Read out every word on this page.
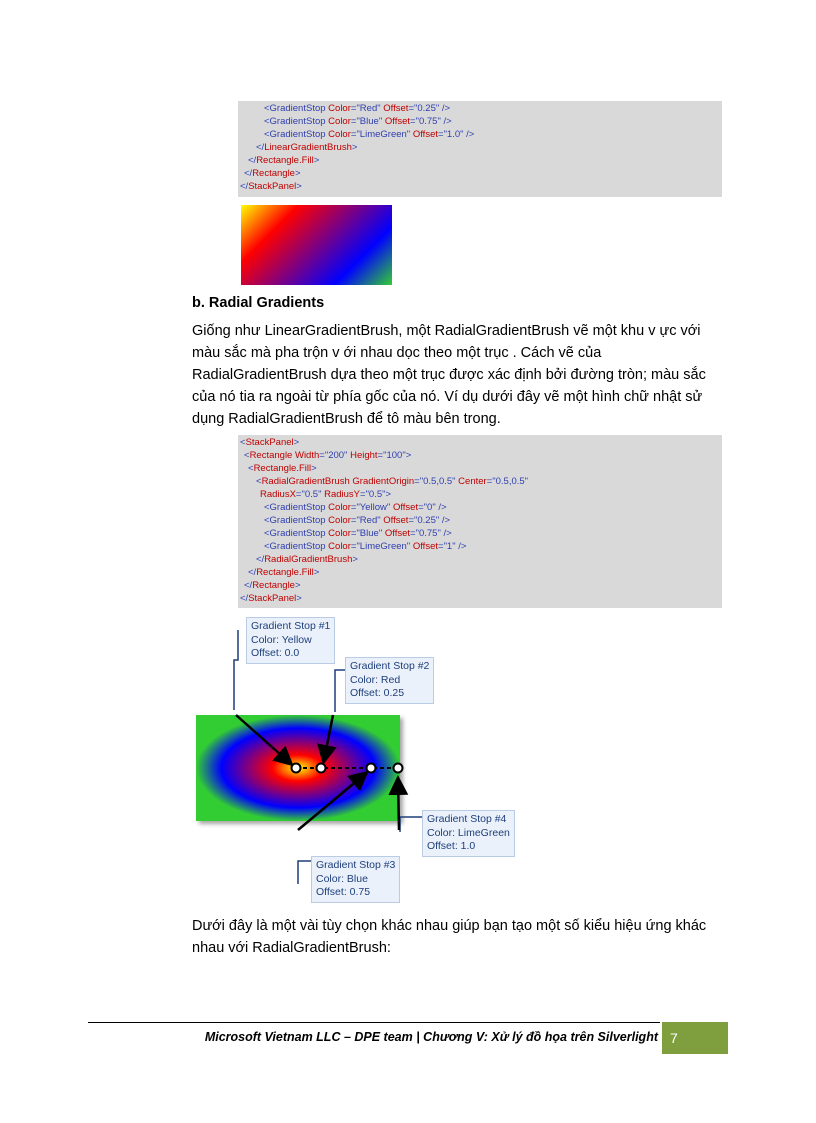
<GradientStop Color="Red" Offset="0.25" />
<GradientStop Color="Blue" Offset="0.75" />
<GradientStop Color="LimeGreen" Offset="1.0" />
</LinearGradientBrush>
</Rectangle.Fill>
</Rectangle>
</StackPanel>
b. Radial Gradients

Giống như LinearGradientBrush, một RadialGradientBrush vẽ một khu v ực với

màu sắc mà pha trộn v ới nhau dọc theo một trục . Cách vẽ của

RadialGradientBrush dựa theo một trục được xác định bởi đường tròn; màu sắc

của nó tia ra ngoài từ phía gốc của nó. Ví dụ dưới đây vẽ một hình chữ nhật sử

dụng RadialGradientBrush để tô màu bên trong.

<StackPanel>
<Rectangle Width="200" Height="100">
<Rectangle.Fill>
<RadialGradientBrush GradientOrigin="0.5,0.5" Center="0.5,0.5"
RadiusX="0.5" RadiusY="0.5">
<GradientStop Color="Yellow" Offset="0" />
<GradientStop Color="Red" Offset="0.25" />
<GradientStop Color="Blue" Offset="0.75" />
<GradientStop Color="LimeGreen" Offset="1" />
</RadialGradientBrush>
</Rectangle.Fill>
</Rectangle>
</StackPanel>
Gradient Stop #1
Color: Yellow
Offset: 0.0
Gradient Stop #2
Color: Red
Offset: 0.25
Gradient Stop #4
Color: LimeGreen
Offset: 1.0
Gradient Stop #3
Color: Blue
Offset: 0.75

Dưới đây là một vài tùy chọn khác nhau giúp bạn tạo một số kiểu hiệu ứng khác

nhau với RadialGradientBrush:

Microsoft Vietnam LLC – DPE team | Chương V: Xử lý đồ họa trên Silverlight 7
